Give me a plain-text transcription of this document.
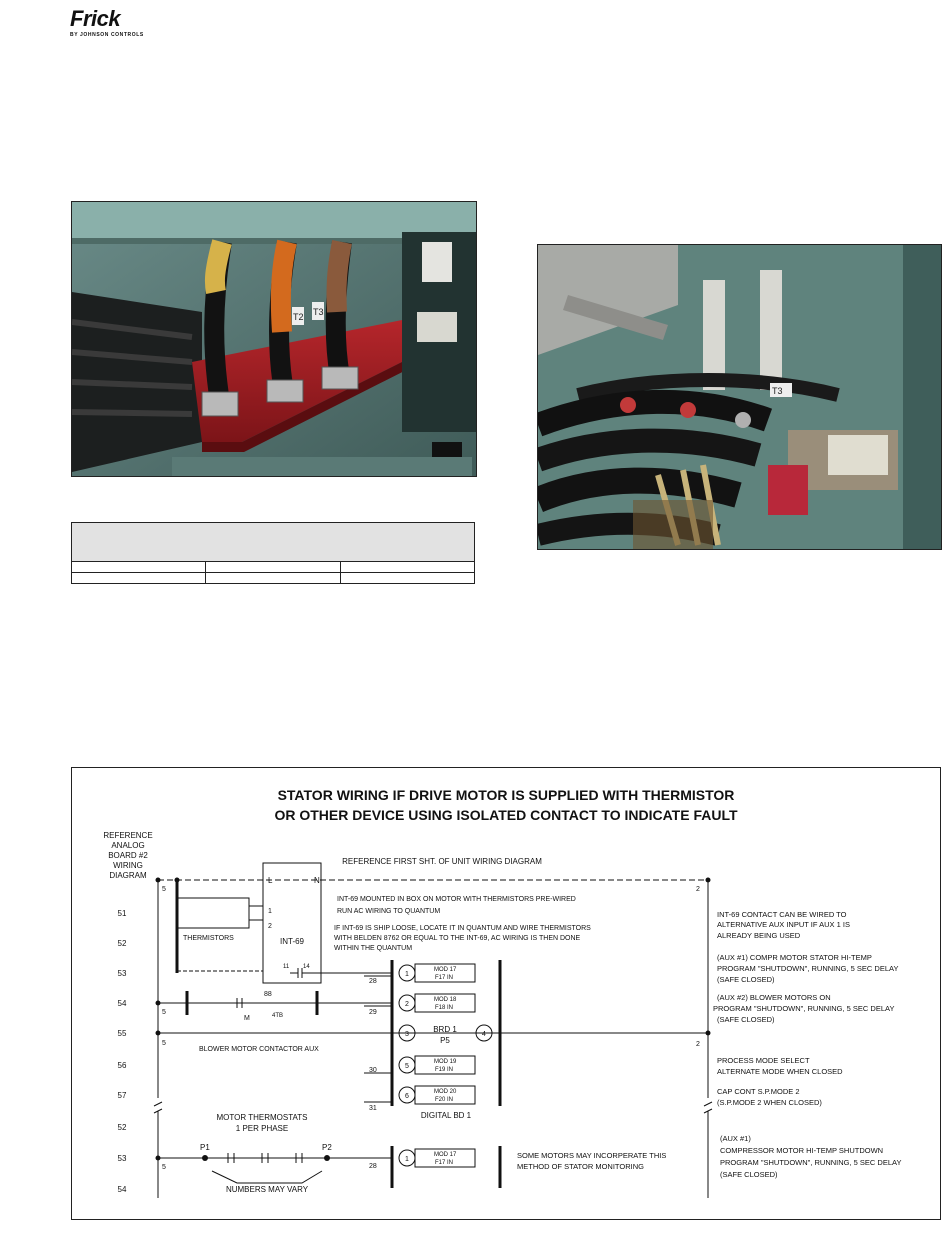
Frick
BY JOHNSON CONTROLS
T2 T3
T3

STATOR WIRING IF DRIVE MOTOR IS SUPPLIED WITH THERMISTOR
OR OTHER DEVICE USING ISOLATED CONTACT TO INDICATE FAULT
REFERENCE
ANALOG
BOARD #2
WIRING
DIAGRAM
REFERENCE FIRST SHT. OF UNIT WIRING DIAGRAM
51
52
53
54
55
56
57
52
53
54
5
5
5
5
2
2
L	N
1
2
INT-69
11 14
THERMISTORS
INT-69 MOUNTED IN BOX ON MOTOR WITH THERMISTORS PRE-WIRED
RUN AC WIRING TO QUANTUM
IF INT-69 IS SHIP LOOSE, LOCATE IT IN QUANTUM AND WIRE THERMISTORS
WITH BELDEN 8762 OR EQUAL TO THE INT-69, AC WIRING IS THEN DONE
WITHIN THE QUANTUM
88
M	4TB
BLOWER MOTOR CONTACTOR AUX
28
29
30
31
1
MOD 17
F17 IN
2
MOD 18
F18 IN
5
MOD 19
F19 IN
6
MOD 20
F20 IN
3	4
BRD 1
P5
DIGITAL BD 1
INT-69 CONTACT CAN BE WIRED TO
ALTERNATIVE AUX INPUT IF AUX 1 IS
ALREADY BEING USED
(AUX #1) COMPR MOTOR STATOR HI-TEMP
PROGRAM "SHUTDOWN", RUNNING, 5 SEC DELAY
(SAFE CLOSED)
(AUX #2) BLOWER MOTORS ON
PROGRAM "SHUTDOWN", RUNNING, 5 SEC DELAY
(SAFE CLOSED)
PROCESS MODE SELECT
ALTERNATE MODE WHEN CLOSED
CAP CONT S.P.MODE 2
(S.P.MODE 2 WHEN CLOSED)
MOTOR THERMOSTATS
1 PER PHASE
P1	P2
NUMBERS MAY VARY
28
1
MOD 17
F17 IN
SOME MOTORS MAY INCORPERATE THIS
METHOD OF STATOR MONITORING
(AUX #1)
COMPRESSOR MOTOR HI-TEMP SHUTDOWN
PROGRAM "SHUTDOWN", RUNNING, 5 SEC DELAY
(SAFE CLOSED)
